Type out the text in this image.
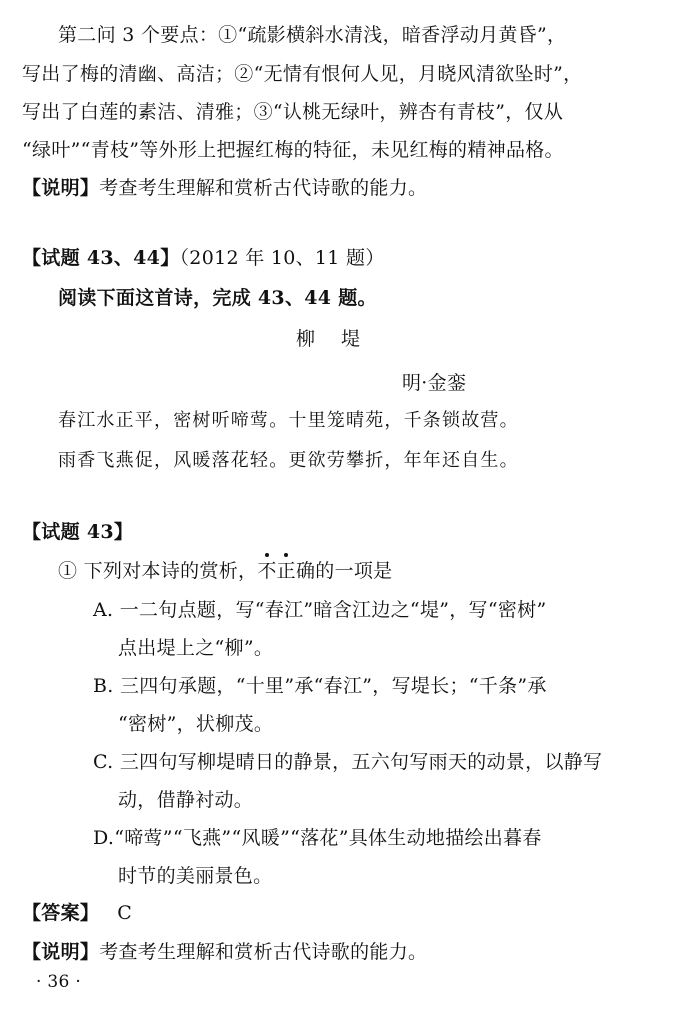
第二问 3 个要点：①“疏影横斜水清浅，暗香浮动月黄昏”，
写出了梅的清幽、高洁；②“无情有恨何人见，月晓风清欲坠时”，
写出了白莲的素洁、清雅；③“认桃无绿叶，辨杏有青枝”，仅从
“绿叶”“青枝”等外形上把握红梅的特征，未见红梅的精神品格。
【说明】考查考生理解和赏析古代诗歌的能力。
【试题 43、44】（2012 年 10、11 题）
阅读下面这首诗，完成 43、44 题。
柳堤
明·金銮
春江水正平，密树听啼莺。十里笼晴苑，千条锁故营。
雨香飞燕促，风暖落花轻。更欲劳攀折，年年还自生。
【试题 43】
① 下列对本诗的赏析，不正确的一项是
A. 一二句点题，写“春江”暗含江边之“堤”，写“密树”
点出堤上之“柳”。
B. 三四句承题，“十里”承“春江”，写堤长；“千条”承
“密树”，状柳茂。
C. 三四句写柳堤晴日的静景，五六句写雨天的动景，以静写
动，借静衬动。
D.“啼莺”“飞燕”“风暖”“落花”具体生动地描绘出暮春
时节的美丽景色。
【答案】 C
【说明】考查考生理解和赏析古代诗歌的能力。
· 36 ·
